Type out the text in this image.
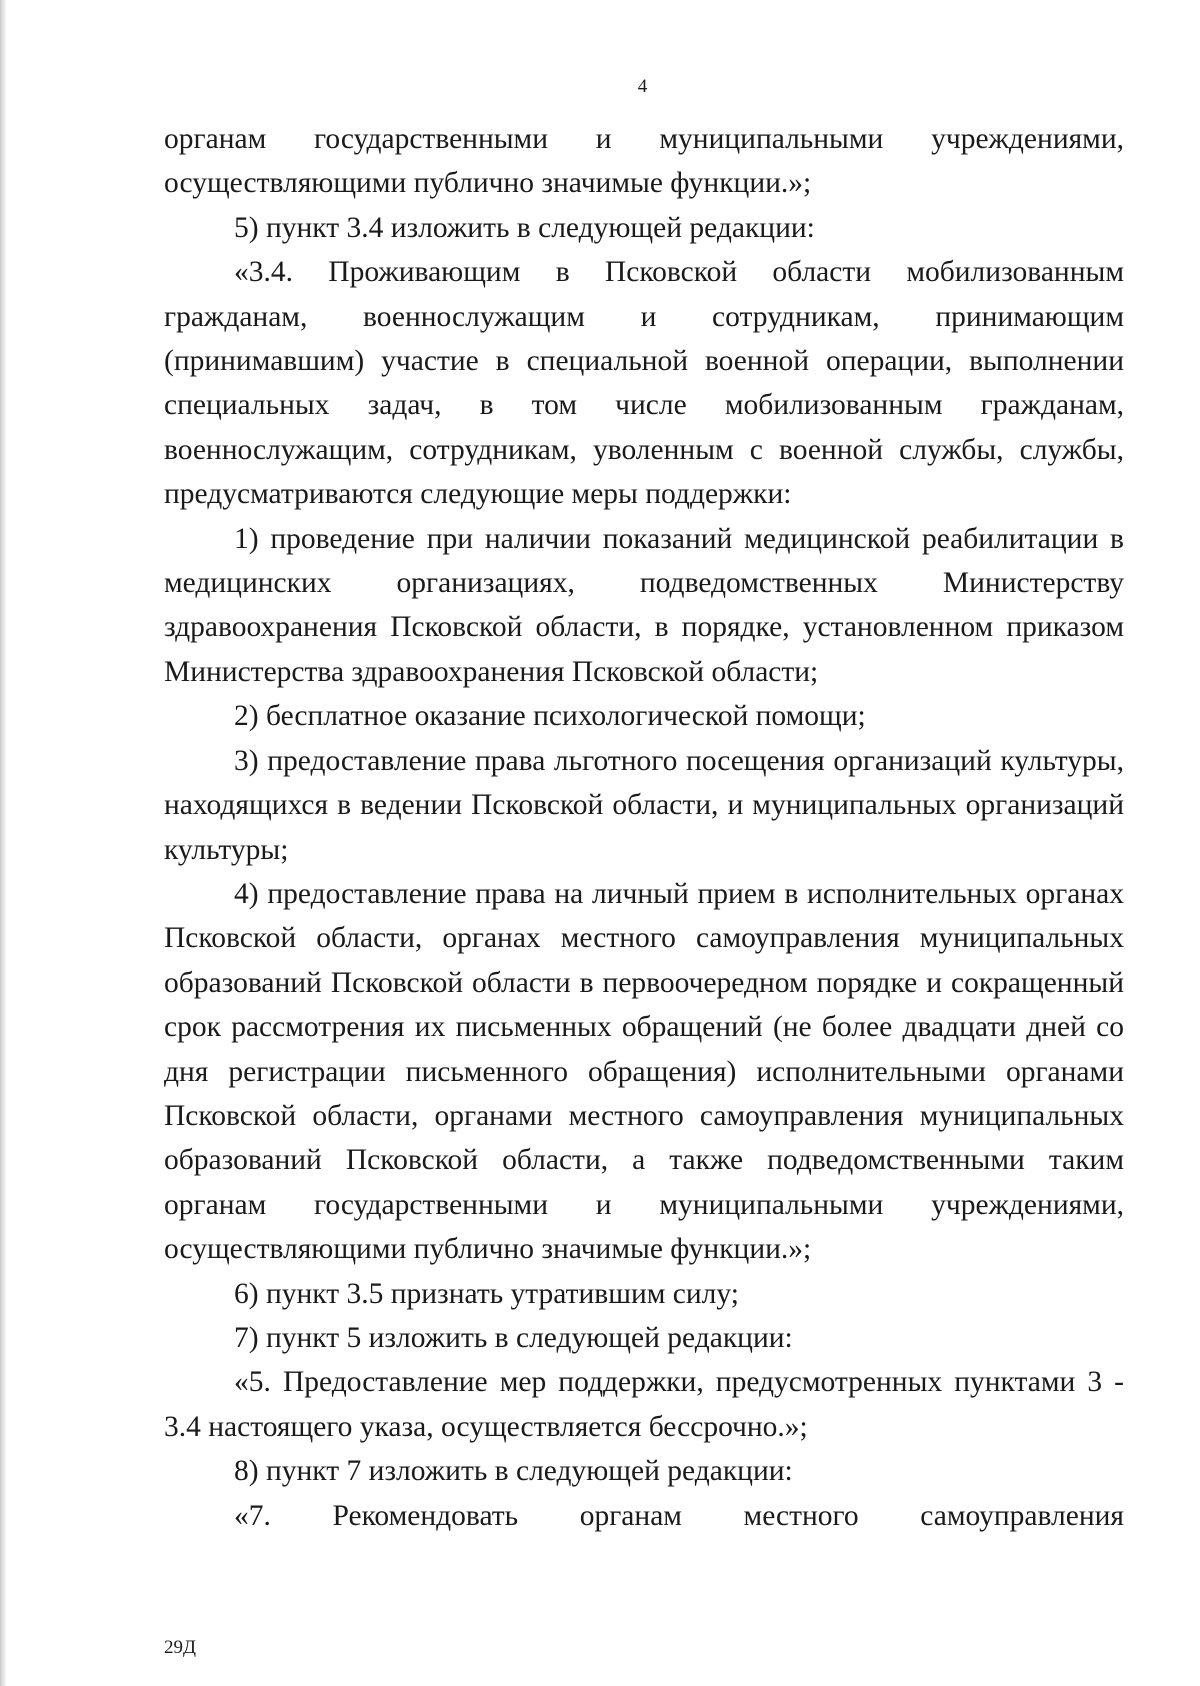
4

органам государственными и муниципальными учреждениями, осуществляющими публично значимые функции.»;

5) пункт 3.4 изложить в следующей редакции:

«3.4. Проживающим в Псковской области мобилизованным гражданам, военнослужащим и сотрудникам, принимающим (принимавшим) участие в специальной военной операции, выполнении специальных задач, в том числе мобилизованным гражданам, военнослужащим, сотрудникам, уволенным с военной службы, службы, предусматриваются следующие меры поддержки:

1) проведение при наличии показаний медицинской реабилитации в медицинских организациях, подведомственных Министерству здравоохранения Псковской области, в порядке, установленном приказом Министерства здравоохранения Псковской области;

2) бесплатное оказание психологической помощи;

3) предоставление права льготного посещения организаций культуры, находящихся в ведении Псковской области, и муниципальных организаций культуры;

4) предоставление права на личный прием в исполнительных органах Псковской области, органах местного самоуправления муниципальных образований Псковской области в первоочередном порядке и сокращенный срок рассмотрения их письменных обращений (не более двадцати дней со дня регистрации письменного обращения) исполнительными органами Псковской области, органами местного самоуправления муниципальных образований Псковской области, а также подведомственными таким органам государственными и муниципальными учреждениями, осуществляющими публично значимые функции.»;

6) пункт 3.5 признать утратившим силу;

7) пункт 5 изложить в следующей редакции:

«5. Предоставление мер поддержки, предусмотренных пунктами 3 - 3.4 настоящего указа, осуществляется бессрочно.»;

8) пункт 7 изложить в следующей редакции:

«7. Рекомендовать органам местного самоуправления

29Д
